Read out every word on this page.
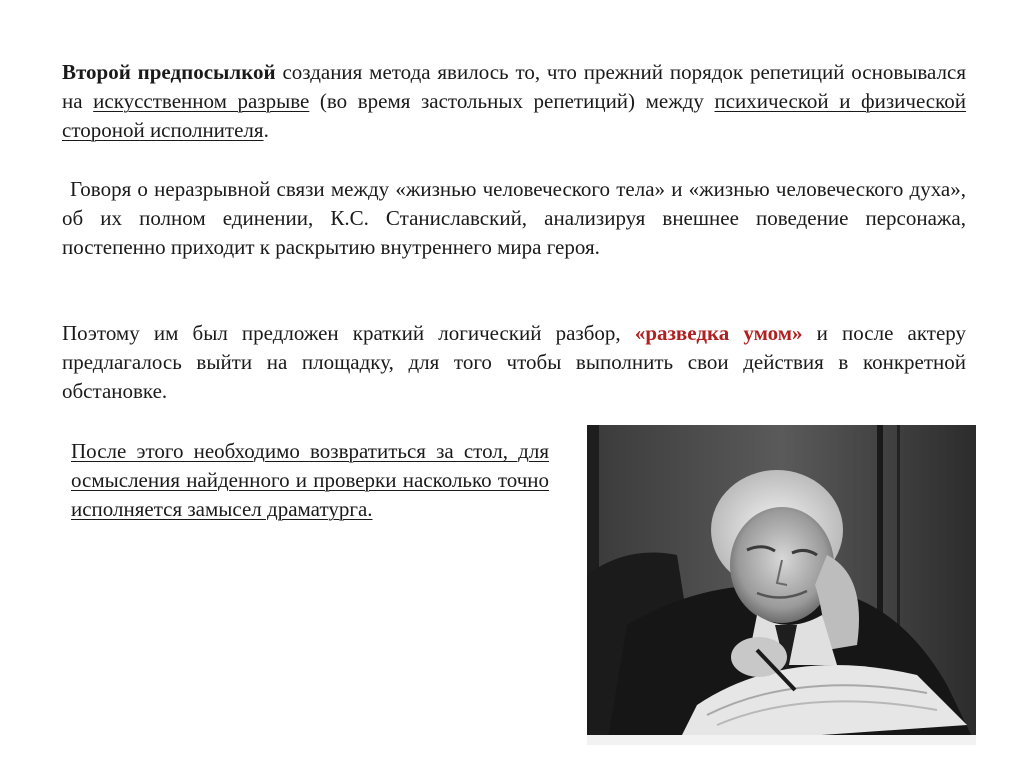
Второй предпосылкой создания метода явилось то, что прежний порядок репетиций основывался на искусственном разрыве (во время застольных репетиций) между психической и физической стороной исполнителя.

Говоря о неразрывной связи между «жизнью человеческого тела» и «жизнью человеческого духа», об их полном единении, К.С. Станиславский, анализируя внешнее поведение персонажа, постепенно приходит к раскрытию внутреннего мира героя.

Поэтому им был предложен краткий логический разбор, «разведка умом» и после актеру предлагалось выйти на площадку, для того чтобы выполнить свои действия в конкретной обстановке.

После этого необходимо возвратиться за стол, для осмысления найденного и проверки насколько точно исполняется замысел драматурга.
